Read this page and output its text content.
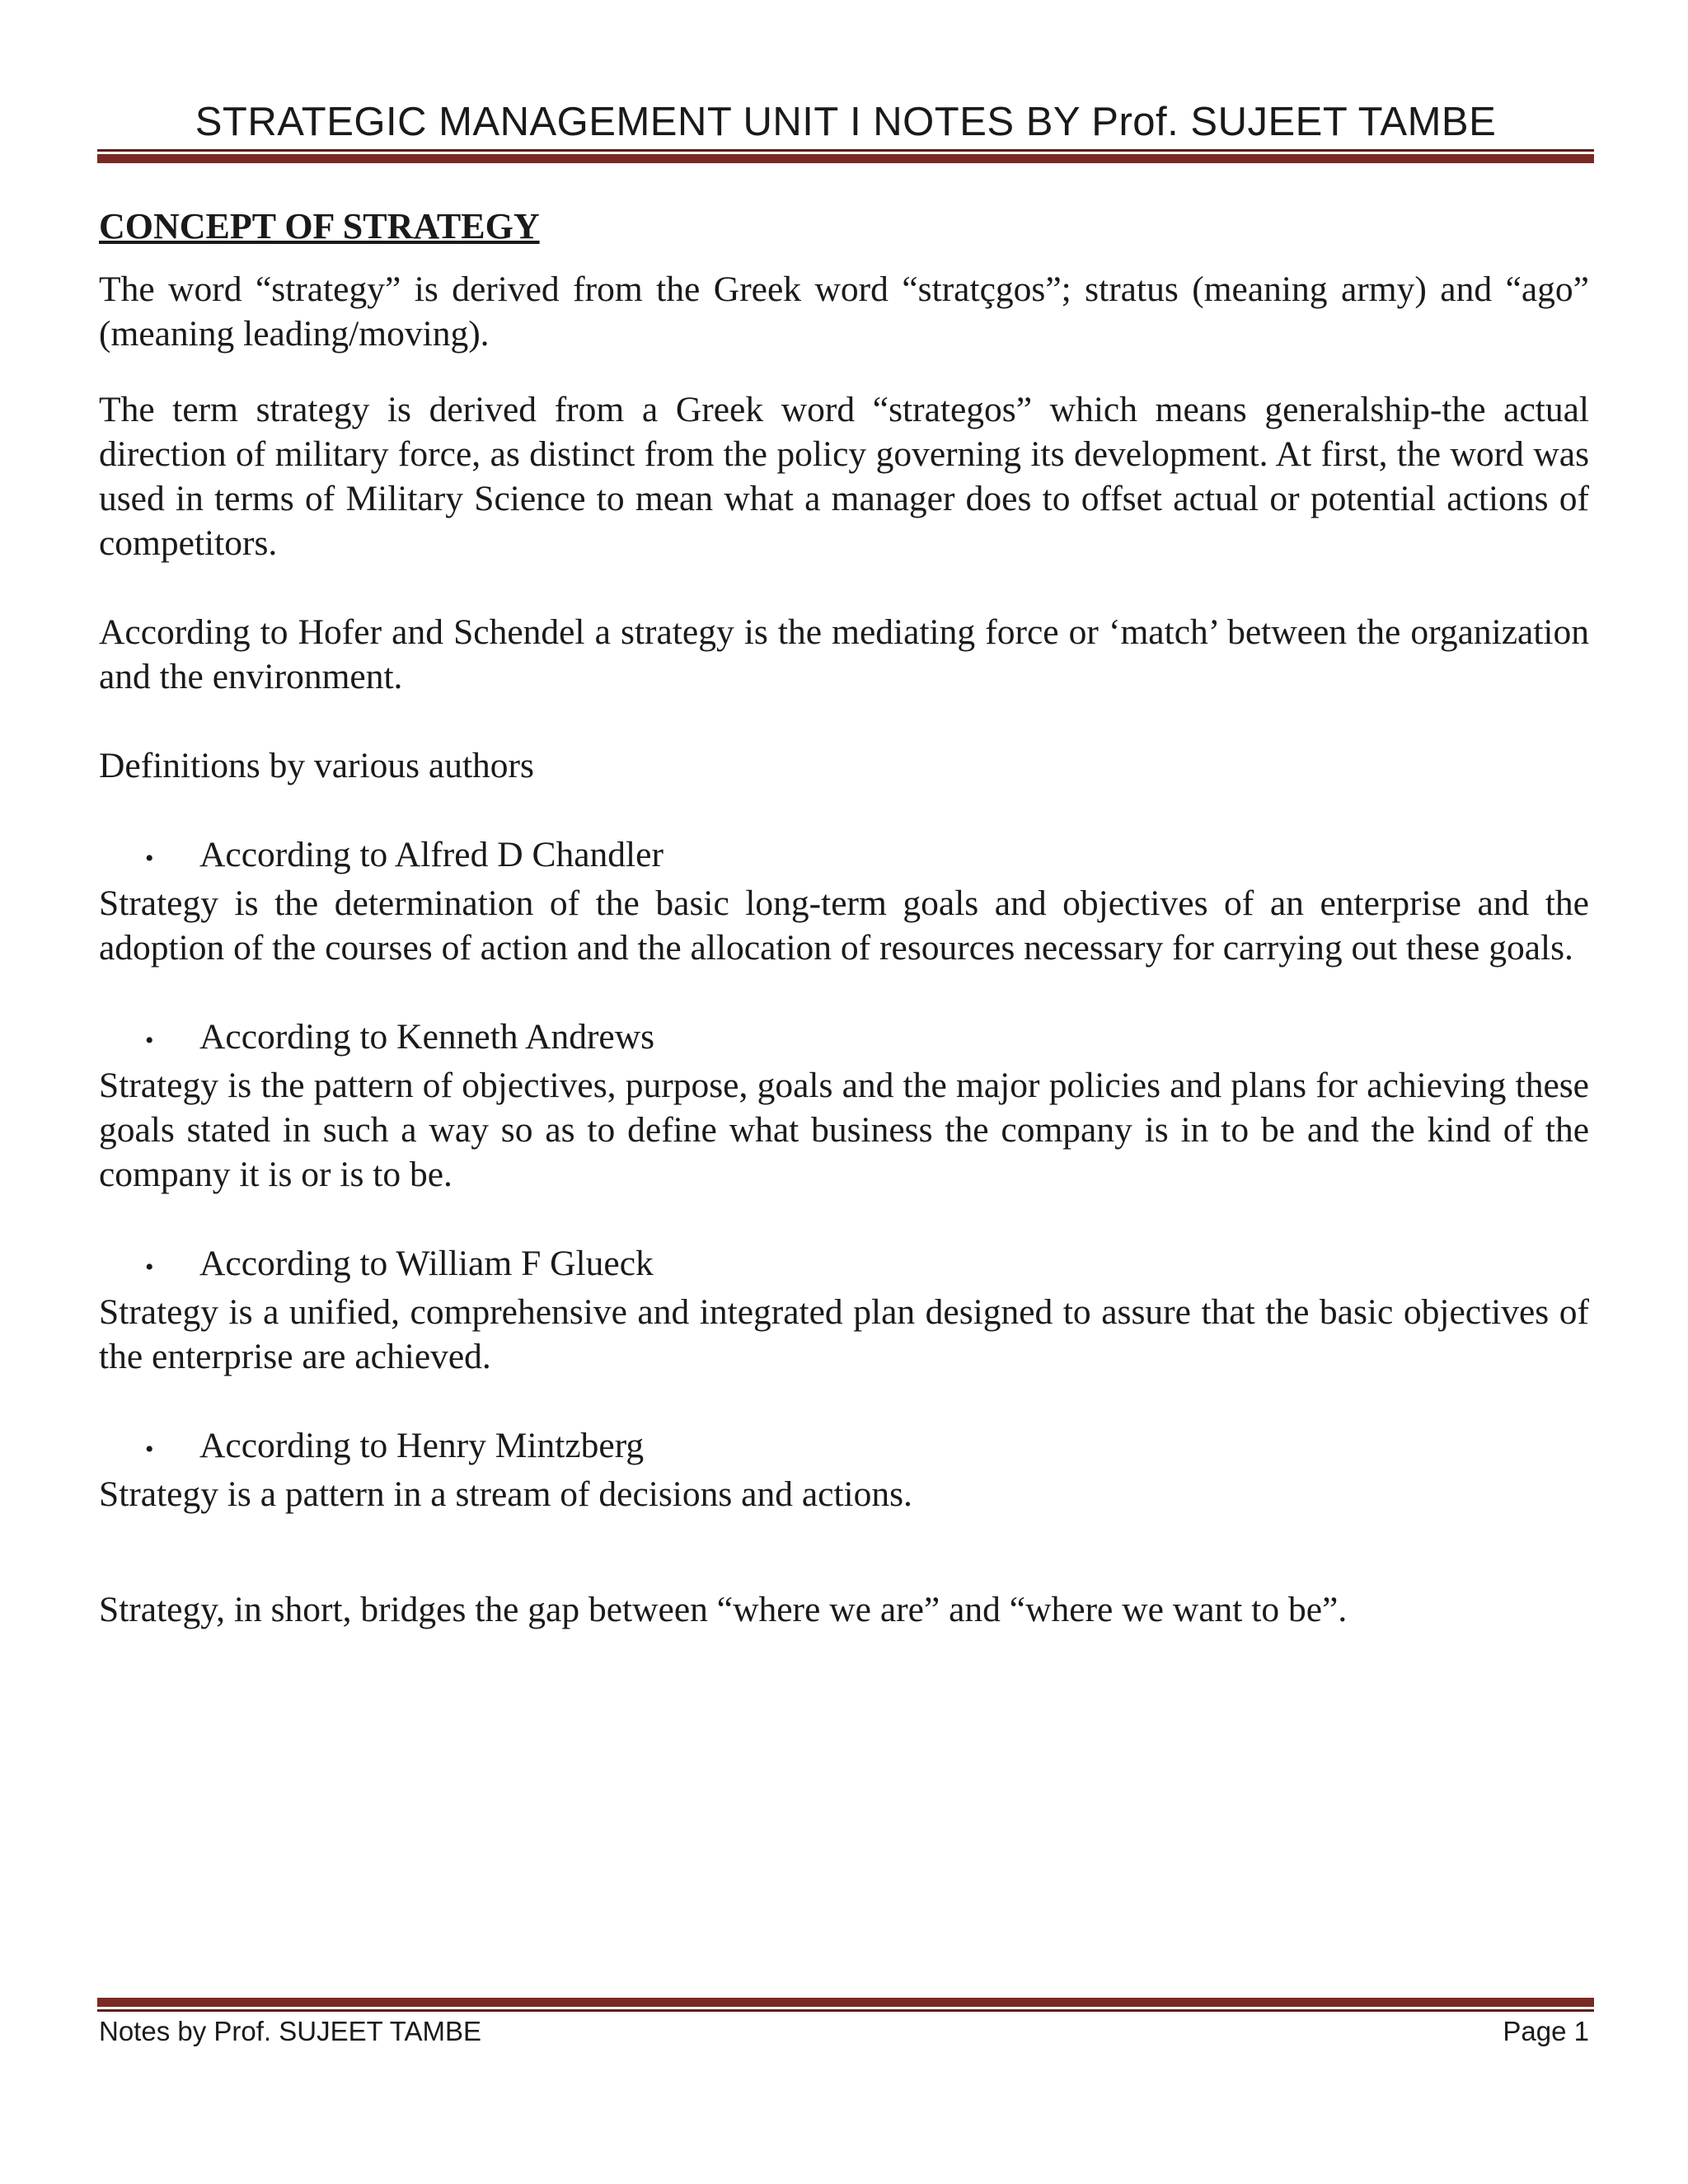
STRATEGIC MANAGEMENT UNIT I NOTES BY Prof. SUJEET TAMBE
CONCEPT OF STRATEGY

The word “strategy” is derived from the Greek word “stratçgos”; stratus (meaning army) and “ago” (meaning leading/moving).

The term strategy is derived from a Greek word “strategos” which means generalship-the actual direction of military force, as distinct from the policy governing its development. At first, the word was used in terms of Military Science to mean what a manager does to offset actual or potential actions of competitors.

According to Hofer and Schendel a strategy is the mediating force or ‘match’ between the organization and the environment.

Definitions by various authors

•	According to Alfred D Chandler

Strategy is the determination of the basic long-term goals and objectives of an enterprise and the adoption of the courses of action and the allocation of resources necessary for carrying out these goals.

•	According to Kenneth Andrews

Strategy is the pattern of objectives, purpose, goals and the major policies and plans for achieving these goals stated in such a way so as to define what business the company is in to be and the kind of the company it is or is to be.

•	According to William F Glueck

Strategy is a unified, comprehensive and integrated plan designed to assure that the basic objectives of the enterprise are achieved.

•	According to Henry Mintzberg

Strategy is a pattern in a stream of decisions and actions.

Strategy, in short, bridges the gap between “where we are” and “where we want to be”.

Notes by Prof. SUJEET TAMBE	Page 1
